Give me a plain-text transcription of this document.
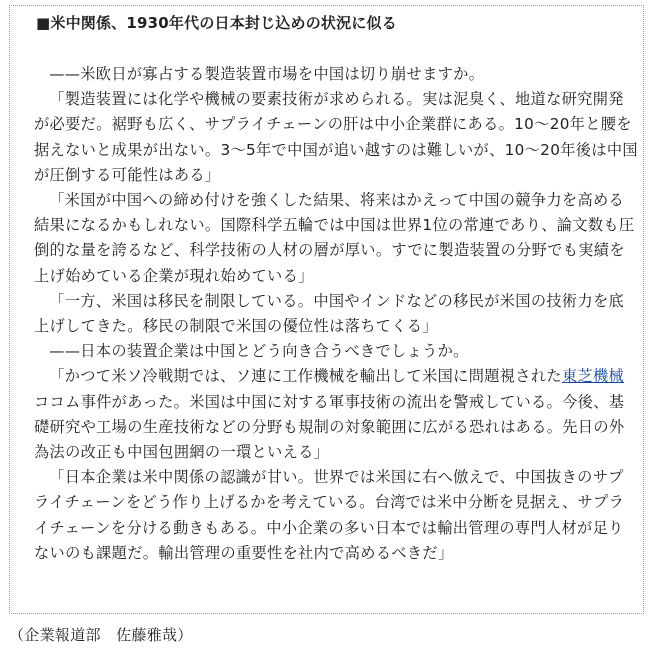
■米中関係、1930年代の日本封じ込めの状況に似る

——米欧日が寡占する製造装置市場を中国は切り崩せますか。

「製造装置には化学や機械の要素技術が求められる。実は泥臭く、地道な研究開発が必要だ。裾野も広く、サプライチェーンの肝は中小企業群にある。10〜20年と腰を据えないと成果が出ない。3〜5年で中国が追い越すのは難しいが、10〜20年後は中国が圧倒する可能性はある」

「米国が中国への締め付けを強くした結果、将来はかえって中国の競争力を高める結果になるかもしれない。国際科学五輪では中国は世界1位の常連であり、論文数も圧倒的な量を誇るなど、科学技術の人材の層が厚い。すでに製造装置の分野でも実績を上げ始めている企業が現れ始めている」

「一方、米国は移民を制限している。中国やインドなどの移民が米国の技術力を底上げしてきた。移民の制限で米国の優位性は落ちてくる」

——日本の装置企業は中国とどう向き合うべきでしょうか。

「かつて米ソ冷戦期では、ソ連に工作機械を輸出して米国に問題視された東芝機械ココム事件があった。米国は中国に対する軍事技術の流出を警戒している。今後、基礎研究や工場の生産技術などの分野も規制の対象範囲に広がる恐れはある。先日の外為法の改正も中国包囲網の一環といえる」

「日本企業は米中関係の認識が甘い。世界では米国に右へ倣えで、中国抜きのサプライチェーンをどう作り上げるかを考えている。台湾では米中分断を見据え、サプライチェーンを分ける動きもある。中小企業の多い日本では輸出管理の専門人材が足りないのも課題だ。輸出管理の重要性を社内で高めるべきだ」

（企業報道部　佐藤雅哉）
